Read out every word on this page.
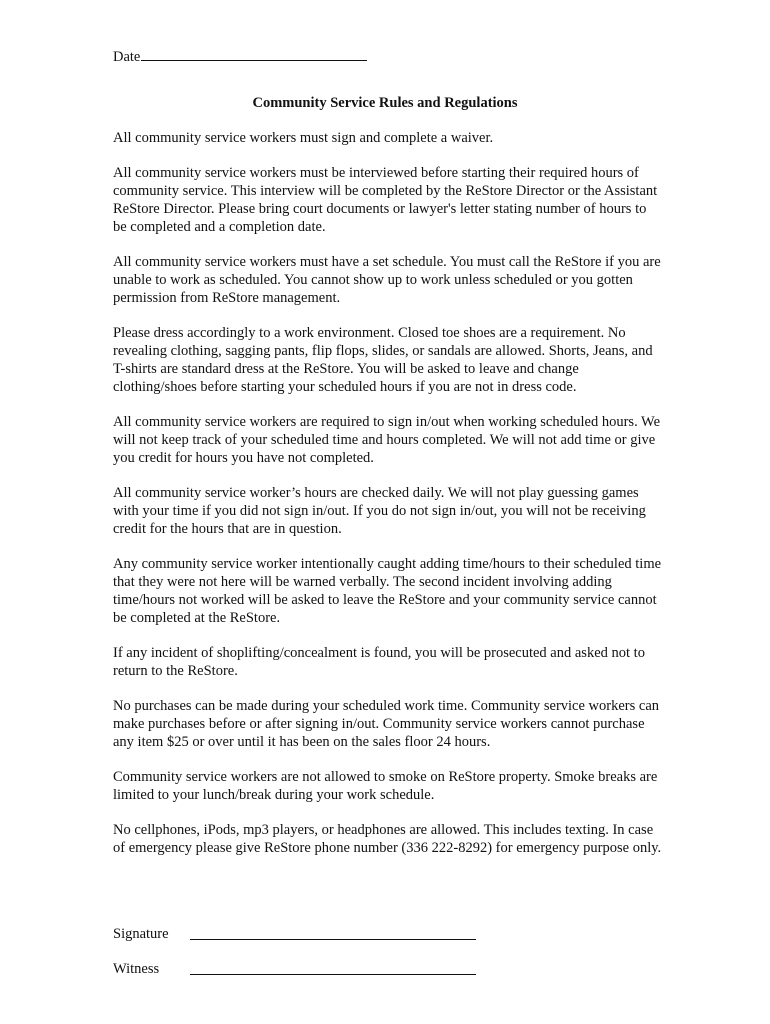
Date
Community Service Rules and Regulations

All community service workers must sign and complete a waiver.

All community service workers must be interviewed before starting their required hours of community service. This interview will be completed by the ReStore Director or the Assistant ReStore Director. Please bring court documents or lawyer's letter stating number of hours to be completed and a completion date.

All community service workers must have a set schedule. You must call the ReStore if you are unable to work as scheduled. You cannot show up to work unless scheduled or you gotten permission from ReStore management.

Please dress accordingly to a work environment. Closed toe shoes are a requirement. No revealing clothing, sagging pants, flip flops, slides, or sandals are allowed. Shorts, Jeans, and T-shirts are standard dress at the ReStore. You will be asked to leave and change clothing/shoes before starting your scheduled hours if you are not in dress code.

All community service workers are required to sign in/out when working scheduled hours. We will not keep track of your scheduled time and hours completed. We will not add time or give you credit for hours you have not completed.

All community service worker’s hours are checked daily. We will not play guessing games with your time if you did not sign in/out. If you do not sign in/out, you will not be receiving credit for the hours that are in question.

Any community service worker intentionally caught adding time/hours to their scheduled time that they were not here will be warned verbally. The second incident involving adding time/hours not worked will be asked to leave the ReStore and your community service cannot be completed at the ReStore.

If any incident of shoplifting/concealment is found, you will be prosecuted and asked not to return to the ReStore.

No purchases can be made during your scheduled work time. Community service workers can make purchases before or after signing in/out. Community service workers cannot purchase any item $25 or over until it has been on the sales floor 24 hours.

Community service workers are not allowed to smoke on ReStore property. Smoke breaks are limited to your lunch/break during your work schedule.

No cellphones, iPods, mp3 players, or headphones are allowed. This includes texting. In case of emergency please give ReStore phone number (336 222-8292) for emergency purpose only.

Signature
Witness
